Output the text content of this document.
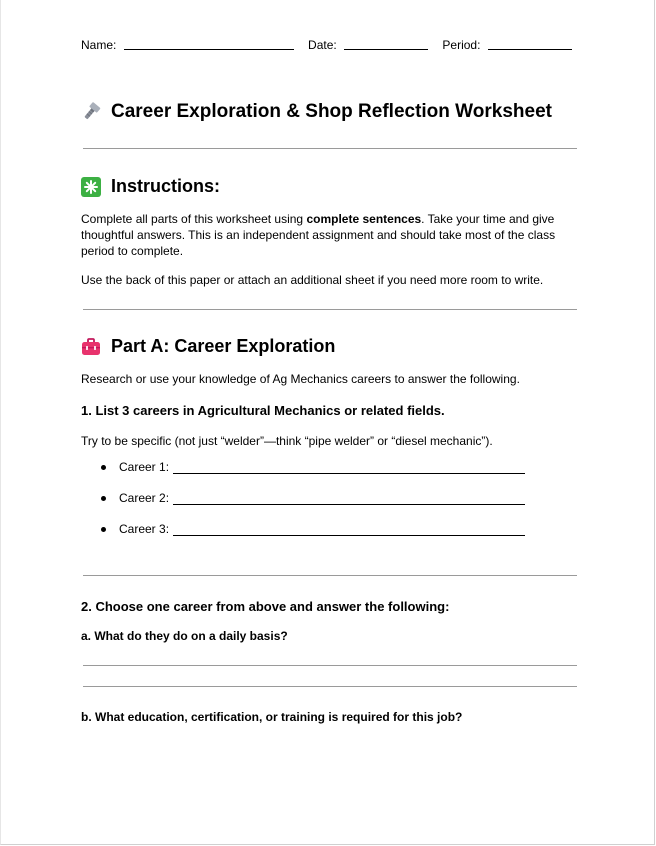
Name:	Date:	Period:
Career Exploration & Shop Reflection Worksheet
Instructions:
Complete all parts of this worksheet using complete sentences. Take your time and give thoughtful answers. This is an independent assignment and should take most of the class period to complete.
Use the back of this paper or attach an additional sheet if you need more room to write.
Part A: Career Exploration
Research or use your knowledge of Ag Mechanics careers to answer the following.
1. List 3 careers in Agricultural Mechanics or related fields.
Try to be specific (not just “welder”—think “pipe welder” or “diesel mechanic”).
Career 1:
Career 2:
Career 3:
2. Choose one career from above and answer the following:
a. What do they do on a daily basis?
b. What education, certification, or training is required for this job?
